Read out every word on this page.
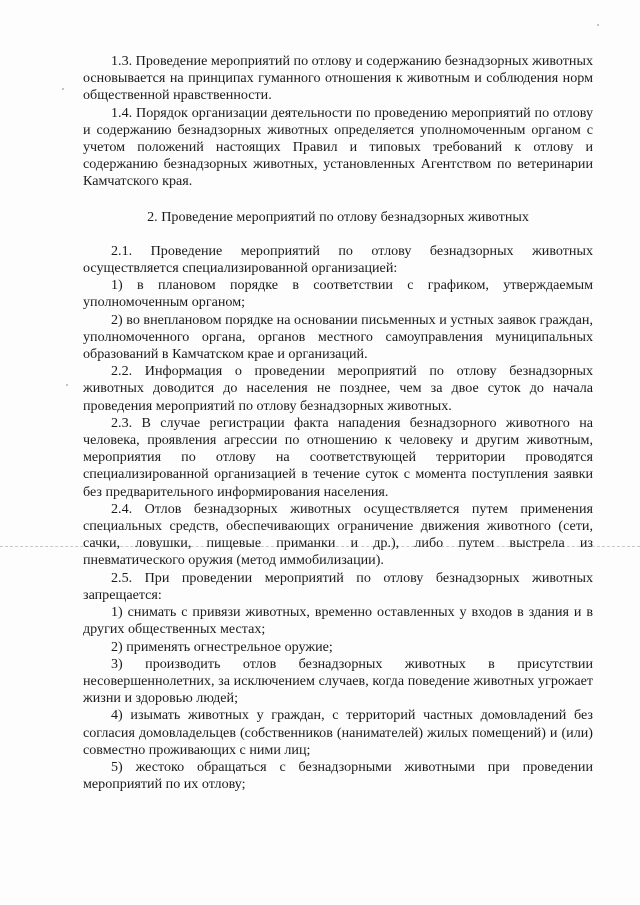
1.3. Проведение мероприятий по отлову и содержанию безнадзорных животных основывается на принципах гуманного отношения к животным и соблюдения норм общественной нравственности.

1.4. Порядок организации деятельности по проведению мероприятий по отлову и содержанию безнадзорных животных определяется уполномоченным органом с учетом положений настоящих Правил и типовых требований к отлову и содержанию безнадзорных животных, установленных Агентством по ветеринарии Камчатского края.

2. Проведение мероприятий по отлову безнадзорных животных

2.1. Проведение мероприятий по отлову безнадзорных животных осуществляется специализированной организацией:

1) в плановом порядке в соответствии с графиком, утверждаемым уполномоченным органом;

2) во внеплановом порядке на основании письменных и устных заявок граждан, уполномоченного органа, органов местного самоуправления муниципальных образований в Камчатском крае и организаций.

2.2. Информация о проведении мероприятий по отлову безнадзорных животных доводится до населения не позднее, чем за двое суток до начала проведения мероприятий по отлову безнадзорных животных.

2.3. В случае регистрации факта нападения безнадзорного животного на человека, проявления агрессии по отношению к человеку и другим животным, мероприятия по отлову на соответствующей территории проводятся специализированной организацией в течение суток с момента поступления заявки без предварительного информирования населения.

2.4. Отлов безнадзорных животных осуществляется путем применения специальных средств, обеспечивающих ограничение движения животного (сети, сачки, ловушки, пищевые приманки и др.), либо путем выстрела из пневматического оружия (метод иммобилизации).

2.5. При проведении мероприятий по отлову безнадзорных животных запрещается:

1) снимать с привязи животных, временно оставленных у входов в здания и в других общественных местах;

2) применять огнестрельное оружие;

3) производить отлов безнадзорных животных в присутствии несовершеннолетних, за исключением случаев, когда поведение животных угрожает жизни и здоровью людей;

4) изымать животных у граждан, с территорий частных домовладений без согласия домовладельцев (собственников (нанимателей) жилых помещений) и (или) совместно проживающих с ними лиц;

5) жестоко обращаться с безнадзорными животными при проведении мероприятий по их отлову;
